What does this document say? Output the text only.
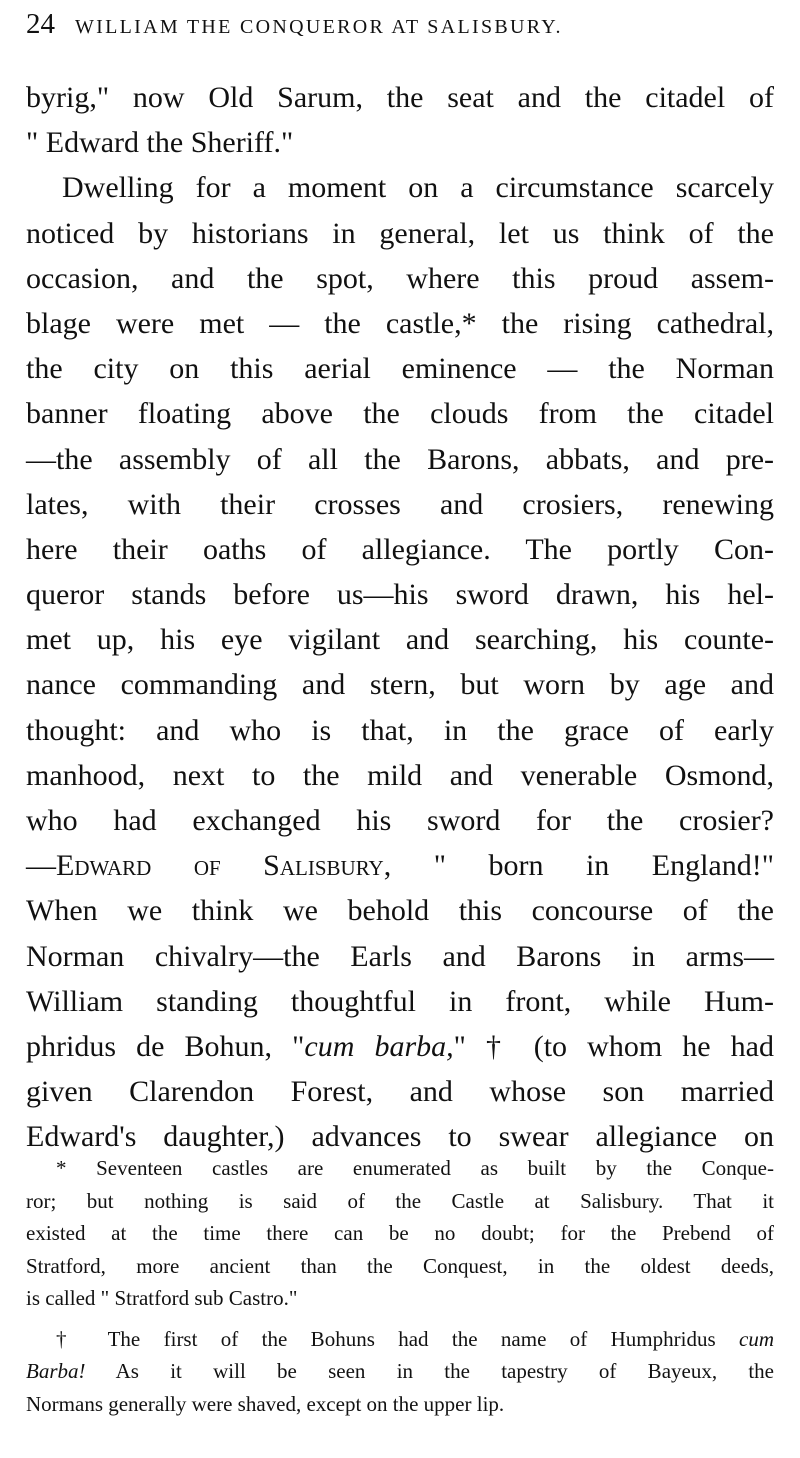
24 WILLIAM THE CONQUEROR AT SALISBURY.
byrig," now Old Sarum, the seat and the citadel of
" Edward the Sheriff."
Dwelling for a moment on a circumstance scarcely
noticed by historians in general, let us think of the
occasion, and the spot, where this proud assem-
blage were met — the castle,* the rising cathedral,
the city on this aerial eminence — the Norman
banner floating above the clouds from the citadel
—the assembly of all the Barons, abbats, and pre-
lates, with their crosses and crosiers, renewing
here their oaths of allegiance. The portly Con-
queror stands before us—his sword drawn, his hel-
met up, his eye vigilant and searching, his counte-
nance commanding and stern, but worn by age and
thought: and who is that, in the grace of early
manhood, next to the mild and venerable Osmond,
who had exchanged his sword for the crosier?
—Edward of Salisbury, " born in England!"
When we think we behold this concourse of the
Norman chivalry—the Earls and Barons in arms—
William standing thoughtful in front, while Hum-
phridus de Bohun, "cum barba," † (to whom he had
given Clarendon Forest, and whose son married
Edward's daughter,) advances to swear allegiance on
* Seventeen castles are enumerated as built by the Conque-
ror; but nothing is said of the Castle at Salisbury. That it
existed at the time there can be no doubt; for the Prebend of
Stratford, more ancient than the Conquest, in the oldest deeds,
is called " Stratford sub Castro."
† The first of the Bohuns had the name of Humphridus cum
Barba! As it will be seen in the tapestry of Bayeux, the
Normans generally were shaved, except on the upper lip.
